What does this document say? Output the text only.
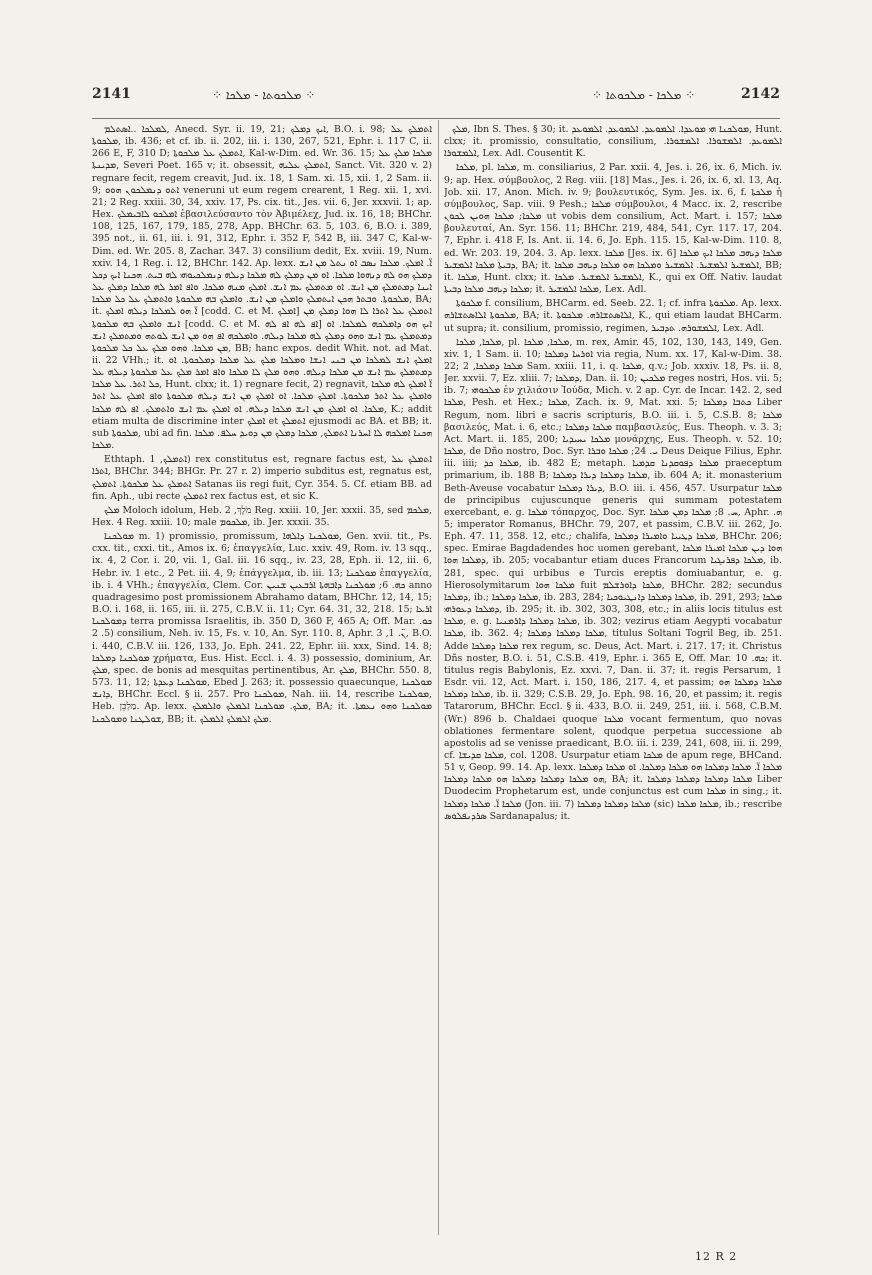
2141	⁘ ܡܠܟܘܬܐ - ܡܠܟܐ ⁘	⁘ ܡܠܟܐ - ܡܠܟܘܬܐ ⁘	2142

ܠܡܠܟܐ ..ܐܣܬܠܡ, Anecd. Syr. ii. 19, 21; ܐܝܟ ܕܡܠܟ, B.O. i. 98; ܐܬܡܠܟ ܥܠ ܡܠܟܘܬܐ, ib. 436; et cf. ib. ii. 202, iii. i. 130, 267, 521, Ephr. i. 117 C, ii. 266 E, F, 310 D; ܐܬܡܠܟ ܥܠ ܡܠܟܘܬܐ, Kal-w-Dim. ed. Wr. 36. 15; ܡܠܟܐ ܡܠܟ ܥܠ ܡܕܝܢܬܐ, Severi Poet. 165 v; it. obsessit, ܐܬܡܠܟ ܥܠܝܗ, Sanct. Vit. 320 v. 2) regnare fecit, regem creavit, Jud. ix. 18, 1 Sam. xi. 15, xii. 1, 2 Sam. ii. 9; ܐܬܘ ܕܢܡܠܟܘܢ ܗܘܘ veneruni ut eum regem crearent, 1 Reg. xii. 1, xvi. 21; 2 Reg. xxiii. 30, 34, xxiv. 17, Ps. cix. tit., Jes. vii. 6, Jer. xxxvii. 1; ap. Hex. ܐܡܠܟܘ ܠܐܒܝܡܠܟ ἐβασιλεύσαντο τὸν Ἀβιμέλεχ, Jud. ix. 16, 18; BHChr. 108, 125, 167, 179, 185, 278, App. BHChr. 63. 5, 103. 6, B.O. i. 389, 395 not., ii. 61, iii. i. 91, 312, Ephr. i. 352 F, 542 B, iii. 347 C, Kal-w-Dim. ed. Wr. 205. 8, Zachar. 347. 3) consilium dedit, Ex. xviii. 19, Num. xxiv. 14, 1 Reg. i. 12, BHChr. 142. Ap. lexx. ܐ̈. ܐܡܠܟ. ܡܠܟܐ ܢܣܒ ܐܘ ܢܬܠ ܡܢ ܐܢܫ ܕܡܠܟ ܗܘ ܠܗ ܕܢܗܘܐ ܡܠܟܐ. ܐܘ ܡܢ ܕܡܠܟ ܠܗ ܡܠܟܐ ܕܝܠܗ ܕܢܡܠܟܝܘܗܝ ܠܗ ܒܝܬ. ܗܟܢܐ ܐܝܟ ܕܟܠ ܐܝܢܐ ܕܡܬܡܠܟ ܡܢ ܐܢܫ. ܐܘ ܡܬܡܠܟ ܥܡ ܐܢܫ. ܐܡܠܟ ܡܢܗ ܡܠܟܐ. ܘܐܦ ܐܡܪ ܠܗ ܡܠܟܐ ܕܡܠܟ ܥܠ ܡܠܟܘܬܐ. ܘܒܬܪ ܗܟܢ ܐܝܬܡܠܟ ܘܐܡܠܟ ܡܢ ܐܢܫ. ܘܐܡܠܟ ܒܗ ܡܠܟܘܬܐ ܘܐܬܡܠܟ ܥܠ ܟܠ ܡܠܟܐ, BA; it. ܐ̈ ܗܘ ܠܡܠܟܐ ܕܝܠܗ ܐܡܠܟ [codd. C. et M. ܐܡܠܟ] ܐܬܡܠܟ ܥܠ ܐܬܪܐ ܠܐ ܗܘܐ ܕܡܠܟ ܡܢ ܐܢܫ ܘܐܡܠܟ ܒܗ ܡܠܟܘܬܐ [codd. C. et M. ܐܦ ܠܗ ܐܦ ܠܗ] ܐܝܟ ܗܘ ܕܐܡܠܟܗ ܠܡܠܟܐ. ܐܘ ܕܡܬܡܠܟ ܥܡ ܐܢܫ ܘܗܘ ܕܡܠܟ ܠܗ ܡܠܟܐ ܕܝܠܗ. ܘܐܡܠܟܗ ܐܦ ܗܘ ܡܢ ܐܢܫ ܠܘܬܗ ܘܡܬܡܠܟ ܐܢܫ ܡܢ ܡܠܟܐ. ܘܗܘ ܡܠܟ ܥܠ ܟܠ ܡܠܟܘܬܐ, BB; hanc expos. dedit Whit. not. ad Mat. ii. 22 VHh.; it. ܐܡܠܟ ܐܢܫ ܠܡܠܟܐ ܡܢ ܒܢܝ ܐܢܫܐ ܘܡܠܟܐ ܡܠܟ ܥܠ ܡܠܟܐ ܕܡܠܟܘܬܐ. ܐܘ ܕܡܬܡܠܟ ܥܡ ܐܢܫ ܡܢ ܡܠܟܐ ܕܝܠܗ. ܘܗܘ ܡܠܟ ܠܐ ܡܠܟܐ ܘܐܦ ܐܡܪ ܡܠܟ ܥܠ ܡܠܟܘܬܐ ܕܝܠܗ ܥܠ ܟܠ ܐܬܪ. ܥܠ ܡܠܟܐ, Hunt. clxx; it. 1) regnare fecit, 2) regnavit, ܐ̈ ܐܡܠܟ ܠܗ ܡܠܟܐ ܘܐܡܠܟ ܥܠ ܐܬܪ ܡܠܟܘܬܐ. ܐܡܠܟ ܡܠܟܐ. ܐܘ ܐܡܠܟ ܡܢ ܐܢܫ ܕܝܠܗ ܡܠܟܘܬܐ ܘܐܦ ܐܡܠܟ ܥܠ ܐܬܪ ܡܠܟܐ. ܐܘ ܐܡܠܟ ܡܢ ܐܢܫ ܡܠܟܐ ܕܝܠܗ. ܐܘ ܐܡܠܟ ܥܡ ܐܢܫ ܘܐܬܡܠܟ. ܐܦ ܠܗ ܡܠܟܐ, K.; addit etiam multa de discrimine inter ܐܡܠܟ et ܐܬܡܠܟ ejusmodi ac BA. et BB; it. sub ܡܠܟܘܬܐ, ubi ad fin. ܗܟܢܐ ܐܡܠܟܗ ܠܐ ܐܚܪܢܐ ܐܬܡܠܟ, ܡܠܟܐ ܕܡܠܟ ܡܢ ܕܘܝܕ ܚܠܦ. ܡܠܟܐ ܡܠܟܐ.

Ethtaph. ܐܬܡܠܟ, 1) rex constitutus est, regnare factus est, ܐܬܡܠܟ ܥܠ ܐܬܪܐ, BHChr. 344; BHGr. Pr. 27 r. 2) imperio subditus est, regnatus est, ܐܬܡܠܟ ܥܠ ܡܠܟܘܬܐ. ܐܬܡܠܟ Satanas iis regi fuit, Cyr. 354. 5. Cf. etiam BB. ad fin. Aph., ubi recte ܐܬܡܠܟ rex factus est, et sic K.

ܡܠܟ Moloch idolum, Heb. מֹלֶךְ, 2 Reg. xxiii. 10, Jer. xxxii. 35, sed ܡܠܟܡ, Hex. 4 Reg. xxiii. 10; male ܡܠܟܘܡ, ib. Jer. xxxii. 35.

ܡܘܠܟܢܐ m. 1) promissio, promissum, ܡܘܠܟܢܐ ܕܐܠܗܐ, Gen. xvii. tit., Ps. cxx. tit., cxxi. tit., Amos ix. 6; ἐπαγγελία, Luc. xxiv. 49, Rom. iv. 13 sqq., ix. 4, 2 Cor. i. 20, vii. 1, Gal. iii. 16 sqq., iv. 23, 28, Eph. ii. 12, iii. 6, Hebr. iv. 1 etc., 2 Pet. iii. 4, 9; ἐπάγγελμα, ib. iii. 13; ܡܘܠܟܢܐ ἐπαγγελία, ib. i. 4 VHh.; ἐπαγγελία, Clem. Cor. ܟܗ. 6; ܡܘܠܟܢܐ ܕܐܒܗܬܐ ܐܪܒܥܝܢ ܫܢܝܢ anno quadragesimo post promissionem Abrahamo datam, BHChr. 12, 14, 15; B.O. i. 168, ii. 165, iii. ii. 275, C.B.V. ii. 11; Cyr. 64. 31, 32, 218. 15; ܐܪܥܐ ܕܡܘܠܟܢܐ terra promissa Israelitis, ib. 350 D, 360 F, 465 A; Off. Mar. ܟܘ. 5. 2) consilium, Neh. iv. 15, Fs. v. 10, An. Syr. 110. 8, Aphr. ܢ̈. 1, 3, B.O. i. 440, C.B.V. iii. 126, 133, Jo. Eph. 241. 22, Ephr. iii. xxx, Sind. 14. 8; ܡܘܠܟܢܐ ܕܡܠܟܐ χρήματα, Eus. Hist. Eccl. i. 4. 3) possessio, dominium, Ar. ܡܠܟ, spec. de bonis ad mesquitas pertinentibus, Ar. ܡܠܟ, BHChr. 550. 8, 573. 11, 12; ܡܘܠܟܢܐ ܕܥܕܬܐ, Ebed J. 263; it. possessio quaecunque, ܡܘܠܟܢܐ ܕܐܢܫ, BHChr. Eccl. § ii. 257. Pro ܡܘܠܟܢܐ, Nah. iii. 14, rescribe ܡܘܠܟܢܐ, Heb. מַלְכֵּן. Ap. lexx. ܡܠܟ. ܡܘܠܟܢܐ ܐܠܡܠܟ ܘܐܠܡܠܟ, BA; it. ܡܘܠܟܢܐ ܘܗܘ ܢܥܡܬܐ. ܫܘܠܛܢܐ ܘܡܘܠܟܢܐ, BB; it. ܡܠܟ ܐܠܡܠܟ ܐܠܡܠܟ.

ܡܠܟ, Ibn S. Thes. § 30; it. ܡܘܠܟܢܐ ܗܝ ܡܘܥܕܐ. ܐܠܡܘܥܕ. ܐܠܡܘܥܕ. ܐܠܡܘܥܕ, Hunt. clxx; it. promissio, consultatio, consilium, ܐܠܡܘܥܕ. ܐܠܡܫܘܪܐ. ܐܠܡܫܘܪܐ. ܐܠܡܫܘܪܐ, Lex. Adl. Cousentit K.

ܡܠܟܐ, pl. ܡܠܟܐ, m. consiliarius, 2 Par. xxii. 4, Jes. i. 26, ix. 6, Mich. iv. 9; ap. Hex. σύμβουλος, 2 Reg. viii. [18] Mas., Jes. i. 26, ix. 6, xl. 13, Aq. Job. xii. 17, Anon. Mich. iv. 9; βουλευτικός, Sym. Jes. ix. 6, f. ܡܠܟܬܐ ἡ σύμβουλος, Sap. viii. 9 Pesh.; ܡܠܟܐ σύμβουλοι, 4 Macc. ix. 2, rescribe ܡܠܟܐ; ܡܠܟܐ ܗܘܝܢ ܠܟܘܢ ut vobis dem consilium, Act. Mart. i. 157; ܡܠܟܐ βουλευταί, An. Syr. 156. 11; BHChr. 219, 484, 541, Cyr. 117. 17, 204. 7, Ephr. i. 418 F, Is. Ant. ii. 14. 6, Jo. Eph. 115. 15, Kal-w-Dim. 110. 8, ed. Wr. 203. 19, 204. 3. Ap. lexx. ܡܠܟܐ [Jes. ix. 6] ܡܠܟܐ ܕܝܗܒ ܡܠܟܐ ܐܝܟ ܡܠܟܐ ܕܒܝܬܐ ܡܠܟܐ ܐܠܡܫܝܪ, BA; it. ܐܠܡܫܝܪ ܐܠܡܫܝܪ. ܐܠܡܫܝܪ ܘܡܠܟܐ ܗܘ ܡܠܟܐ ܕܝܗܒ ܡܠܟܐ, BB; it. ܡܠܟܐ, Hunt. clxx; it. ܐܠܡܫܝܪ ܐܠܡܫܝܪ. ܡܠܟܐ, K., qui ex Off. Nativ. laudat ܡܠܟܐ ܕܝܗܒ ܡܠܟܐ ܕܒܝܬܐ; it. ܡܠܟܐ ܐܠܡܫܝܪ, Lex. Adl.

ܡܠܟܘܬܐ f. consilium, BHCarm. ed. Seeb. 22. 1; cf. infra ܡܠܟܘܬܐ. Ap. lexx. ܡܠܟܘܬܐ ܐܠܐܣܬܫܐܪܗ, BA; it. ܐܠܐܣܬܫܐܪܗ. ܡܠܟܘܬܐ, K., qui etiam laudat BHCarm. ut supra; it. consilium, promissio, regimen, ܐܠܡܫܘܪܗ. ܬܕܒܝܪ, Lex. Adl.

ܡܠܟܐ, ܡܠܟܐ, pl. ܡܠܟܐ, ܡܠܟܐ, m. rex, Amir. 45, 102, 130, 143, 149, Gen. xiv. 1, 1 Sam. ii. 10; ܐܘܪܚܐ ܕܡܠܟܐ via regia, Num. xx. 17, Kal-w-Dim. 38. 22; ܡܠܟܐ ܕܡܠܟܐ, 2 Sam. xxiii. 11, i. q. ܡܠܟܐ, q.v.; Job. xxxiv. 18, Ps. ii. 8, Jer. xxvii. 7, Ez. xliii. 7; ܕܡܠܟܐ, Dan. ii. 10; ܡܠܟܝܢ reges nostri, Hos. vii. 5; ib. 7; ܡܠܟܘܗܝ ἐν χιλιάσιν Ἰούδα, Mich. v. 2 ap. Cyr. de Incar. 142. 2, sed ܡܠܟܐ, Pesh. et Hex.; ܡܠܟܐ, Zach. ix. 9, Mat. xxi. 5; ܟܬܒܐ ܕܡܠܟܐ Liber Regum, nom. libri e sacris scripturis, B.O. iii. i. 5, C.S.B. 8; ܡܠܟܐ βασιλεύς, Mat. i. 6, etc.; ܡܠܟܐ ܕܡܠܟܐ παμβασιλεύς, Eus. Theoph. v. 3. 3; Act. Mart. ii. 185, 200; ܡܠܟܐ ܝܚܝܕܝܐ μονάρχης, Eus. Theoph. v. 52. 10; ܡܠܟܐ, de Dño nostro, Doc. Syr. ܝ. 24; ܡܠܟܐ ܘܒܪܐ Deus Deique Filius, Ephr. iii. iiii; ܡܠܟܐ ܟܕ, ib. 482 E; metaph. ܡܠܟܐ ܕܦܘܩܕܢܐ ܩܕܡܝܐ praeceptum primarium, ib. 188 B; ܡܠܟܐ ܕܡܠܟܐ ܕܝܪܐ ܕܡܠܟܐ, ib. 604 A; it. monasterium Beth-Aveuse vocabatur ܕܝܪܐ ܕܡܠܟܐ, B.O. iii. i. 456, 457. Usurpatur ܡܠܟܐ de principibus cujuscunque generis qui summam potestatem exercebant, e. g. ܡܠܟܐ τόπαρχος, Doc. Syr. ܚ. 8; ܡܠܟܐ ܕܡܢ ܡܠܟܐ, Aphr. ܗ. 5; imperator Romanus, BHChr. 79, 207, et passim, C.B.V. iii. 262, Jo. Eph. 47. 11, 358. 12, etc.; chalifa, ܡܠܟܐ ܕܛܝܝܐ ܘܐܡܝܪܐ ܕܡܠܟܐ, BHChr. 206; spec. Emirae Bagdadendes hoc uomen gerebant, ܗܘܐ ܕܝܢ ܡܠܟܐ ܐܡܝܪܐ ܡܠܟܐ ܕܡܠܟܐ ܗܘܐ, ib. 205; vocabantur etiam duces Francorum ܡܠܟܐ ܕܦܪܢܓܝܐ, ib. 281, spec. qui urbibus e Turcis ereptis domiuabantur, e. g. Hierosolymitarum ܡܠܟܐ ܗܘܐ fuit ܡܠܟܐ ܕܐܘܪܫܠܡ, BHChr. 282; secundus ܕܡܠܟܐ, ib.; ܡܠܟܐ ܕܡܠܟܐ, ib. 283, 284; ܡܠܟܐ ܕܡܠܟܐ ܕܐܢܛܝܘܟܝܐ, ib. 291, 293; ܡܠܟܐ ܕܡܠܟܐ ܕܥܘܪܗܝ, ib. 295; it. ib. 302, 303, 308, etc.; in aliis locis titulus est ܡܠܟܐ, e. g. ܡܠܟܐ ܕܡܠܟܐ ܕܐܪܡܢܝܐ, ib. 302; vezirus etiam Aegypti vocabatur ܡܠܟܐ, ib. 362. 4; ܡܠܟܐ ܕܡܠܟܐ ܕܡܠܟܐ, titulus Soltani Togril Beg, ib. 251. Adde ܡܠܟܐ ܕܡܠܟܐ rex regum, sc. Deus, Act. Mart. i. 217. 17; it. Christus Dñs noster, B.O. i. 51, C.S.B. 419, Ephr. i. 365 E, Off. Mar. ܟܗ. 10; it. titulus regis Babylonis, Ez. xxvi. 7, Dan. ii. 37; it. regis Persarum, 1 Esdr. vii. 12, Act. Mart. i. 150, 186, 217. 4, et passim; ܡܠܟܐ ܕܡܠܟܐ ܗܘ ܡܠܟܐ ܕܡܠܟܐ, ib. ii. 329; C.S.B. 29, Jo. Eph. 98. 16, 20, et passim; it. regis Tatarorum, BHChr. Eccl. § ii. 433, B.O. ii. 249, 251, iii. i. 568, C.B.M. (Wr.) 896 b. Chaldaei quoque ܡܠܟܐ vocant fermentum, quo novas oblationes fermentare solent, quodque perpetua successione ab apostolis ad se venisse praedicant, B.O. iii. i. 239, 241, 608, iii. ii. 299, cf. ܡܠܟܐ ܩܕܝܫܐ, col. 1208. Usurpatur etiam ܡܠܟܐ de apum rege, BHCand. 51 v, Geop. 99. 14. Ap. lexx. ܡܠܟܐ ܐ̈. ܡܠܟܐ ܕܡܠܟܐ ܗܘ ܡܠܟܐ ܕܡܠܟܐ. ܐܘ ܡܠܟܐ ܕܡܠܟܐ ܗܘ ܡܠܟܐ ܕܡܠܟܐ ܕܡܠܟܐ ܗܘ ܡܠܟܐ ܕܡܠܟܐ, BA; it. ܡܠܟܐ ܕܡܠܟܐ ܕܡܠܟܐ ܕܡܠܟܐ Liber Duodecim Prophetarum est, unde conjunctus est cum ܡܠܟܐ in sing.; it. ܡܠܟܐ ܐ̈. ܡܠܟܐ ܕܡܠܟܐ (Jon. iii. 7) ܡܠܟܐ ܕܡܠܟܐ ܕܡܠܟܐ (sic) ܡܠܟܐ ܡܠܟܐ, ib.; rescribe ܣܪܕܢܦܠܘܣ Sardanapalus; it.

12 R 2
